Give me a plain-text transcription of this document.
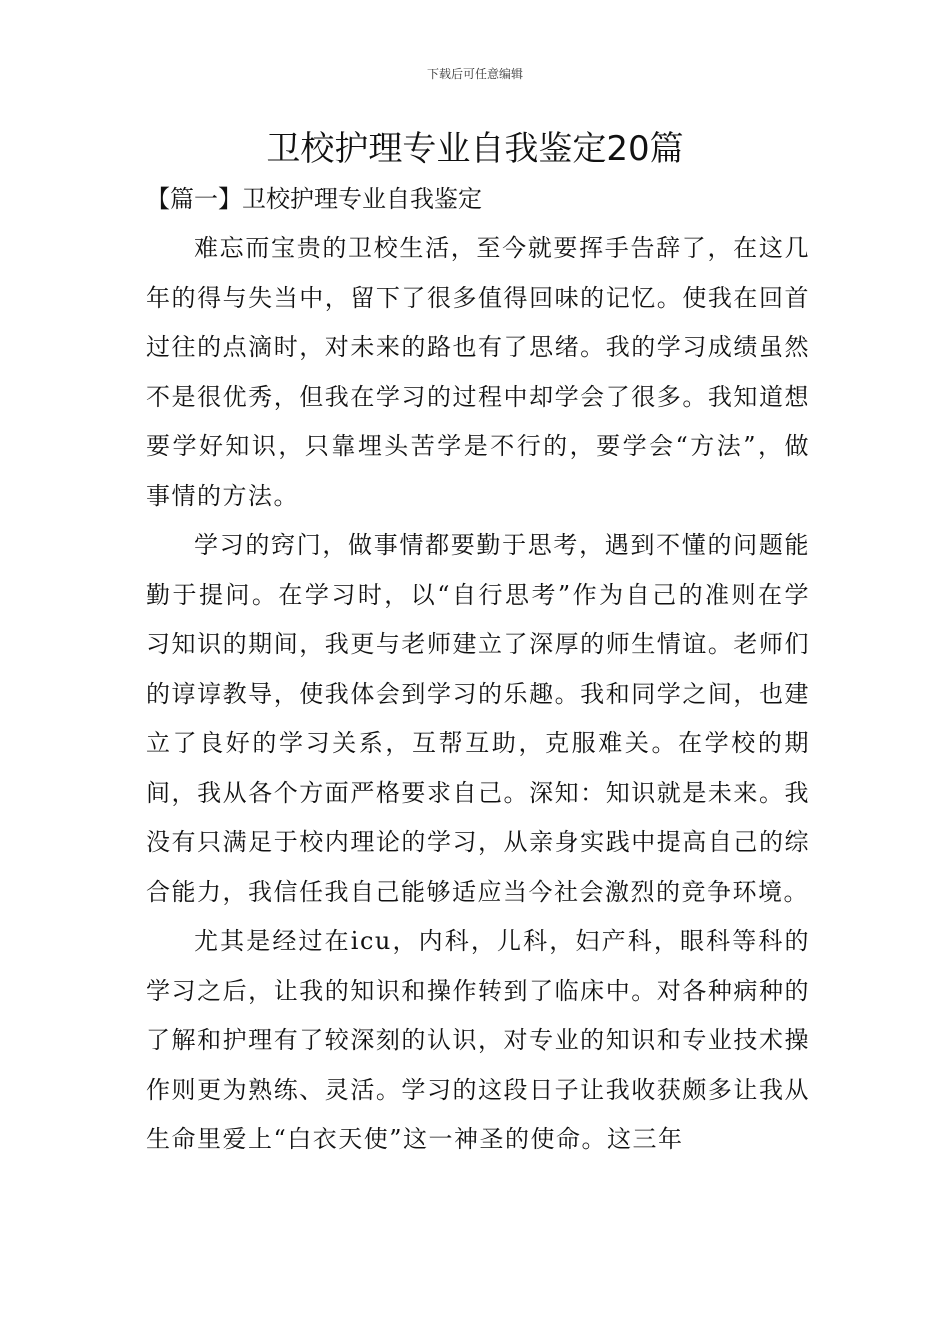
下载后可任意编辑
卫校护理专业自我鉴定20篇
【篇一】卫校护理专业自我鉴定

难忘而宝贵的卫校生活，至今就要挥手告辞了，在这几年的得与失当中，留下了很多值得回味的记忆。使我在回首过往的点滴时，对未来的路也有了思绪。我的学习成绩虽然不是很优秀，但我在学习的过程中却学会了很多。我知道想要学好知识，只靠埋头苦学是不行的，要学会“方法”，做事情的方法。

学习的窍门，做事情都要勤于思考，遇到不懂的问题能勤于提问。在学习时，以“自行思考”作为自己的准则在学习知识的期间，我更与老师建立了深厚的师生情谊。老师们的谆谆教导，使我体会到学习的乐趣。我和同学之间，也建立了良好的学习关系，互帮互助，克服难关。在学校的期间，我从各个方面严格要求自己。深知：知识就是未来。我没有只满足于校内理论的学习，从亲身实践中提高自己的综合能力，我信任我自己能够适应当今社会激烈的竞争环境。

尤其是经过在icu，内科，儿科，妇产科，眼科等科的学习之后，让我的知识和操作转到了临床中。对各种病种的了解和护理有了较深刻的认识，对专业的知识和专业技术操作则更为熟练、灵活。学习的这段日子让我收获颇多让我从生命里爱上“白衣天使”这一神圣的使命。这三年
